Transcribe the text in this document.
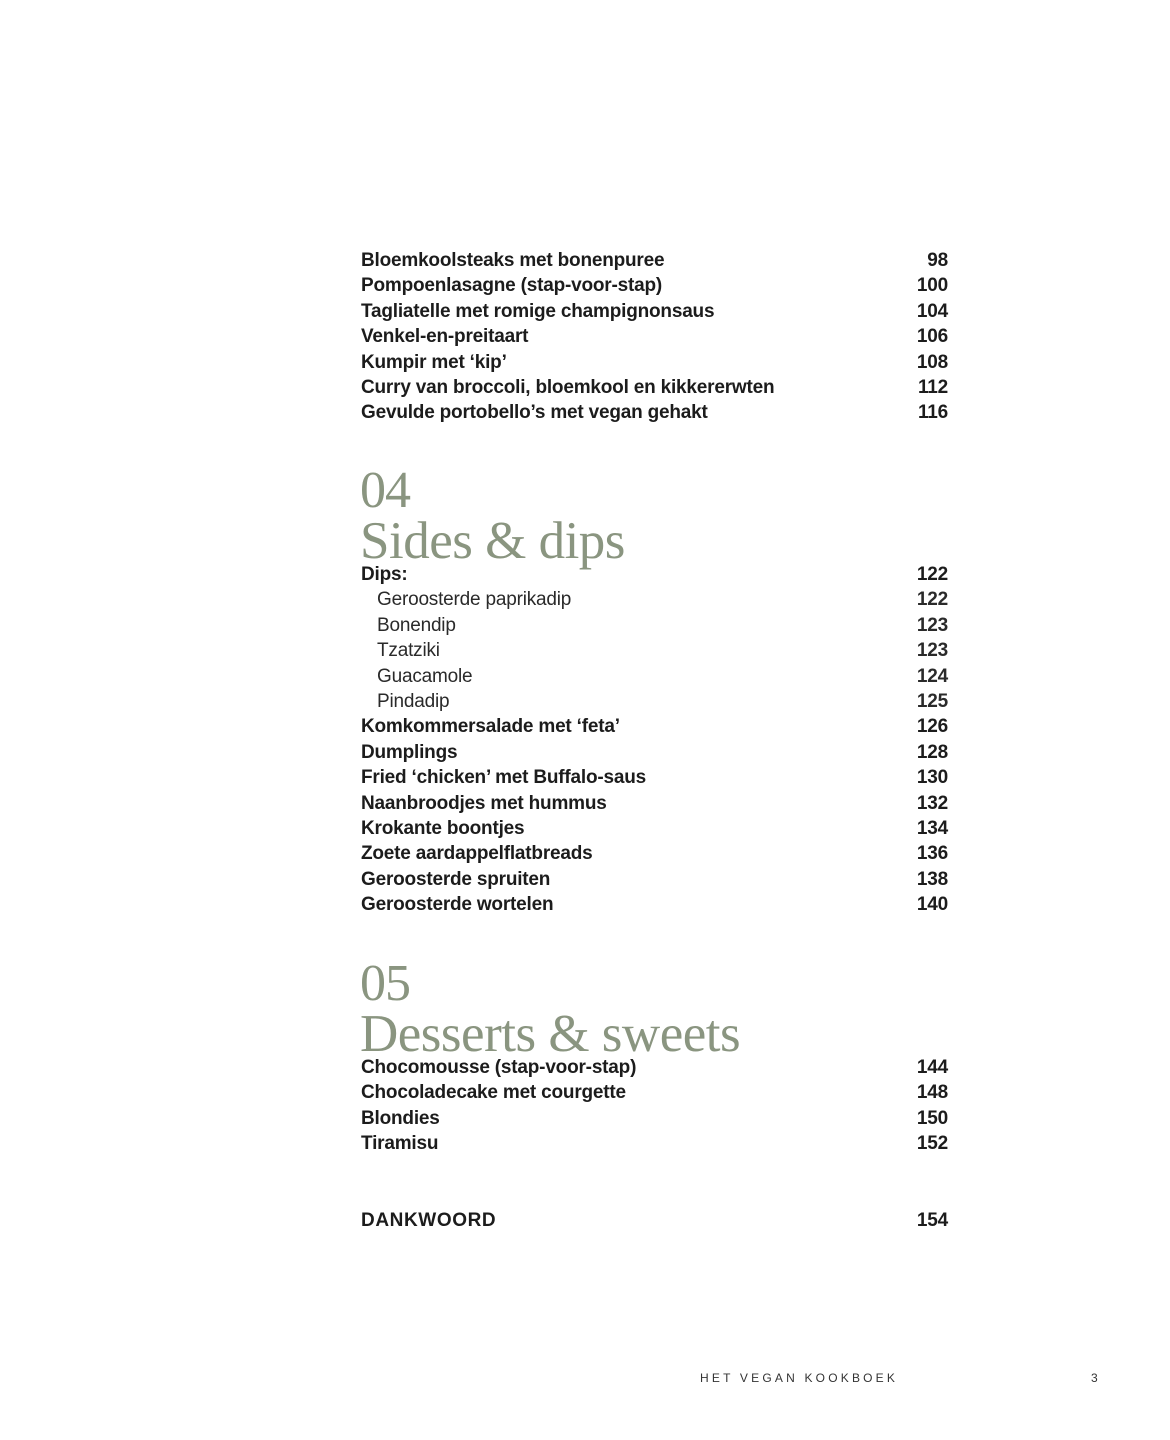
Bloemkoolsteaks met bonenpuree	98
Pompoenlasagne (stap-voor-stap)	100
Tagliatelle met romige champignonsaus	104
Venkel-en-preitaart	106
Kumpir met ‘kip’	108
Curry van broccoli, bloemkool en kikkererwten	112
Gevulde portobello’s met vegan gehakt	116
04
Sides & dips
Dips:	122
Geroosterde paprikadip	122
Bonendip	123
Tzatziki	123
Guacamole	124
Pindadip	125
Komkommersalade met ‘feta’	126
Dumplings	128
Fried ‘chicken’ met Buffalo-saus	130
Naanbroodjes met hummus	132
Krokante boontjes	134
Zoete aardappelflatbreads	136
Geroosterde spruiten	138
Geroosterde wortelen	140
05
Desserts & sweets
Chocomousse (stap-voor-stap)	144
Chocoladecake met courgette	148
Blondies	150
Tiramisu	152
DANKWOORD	154
HET VEGAN KOOKBOEK	3
